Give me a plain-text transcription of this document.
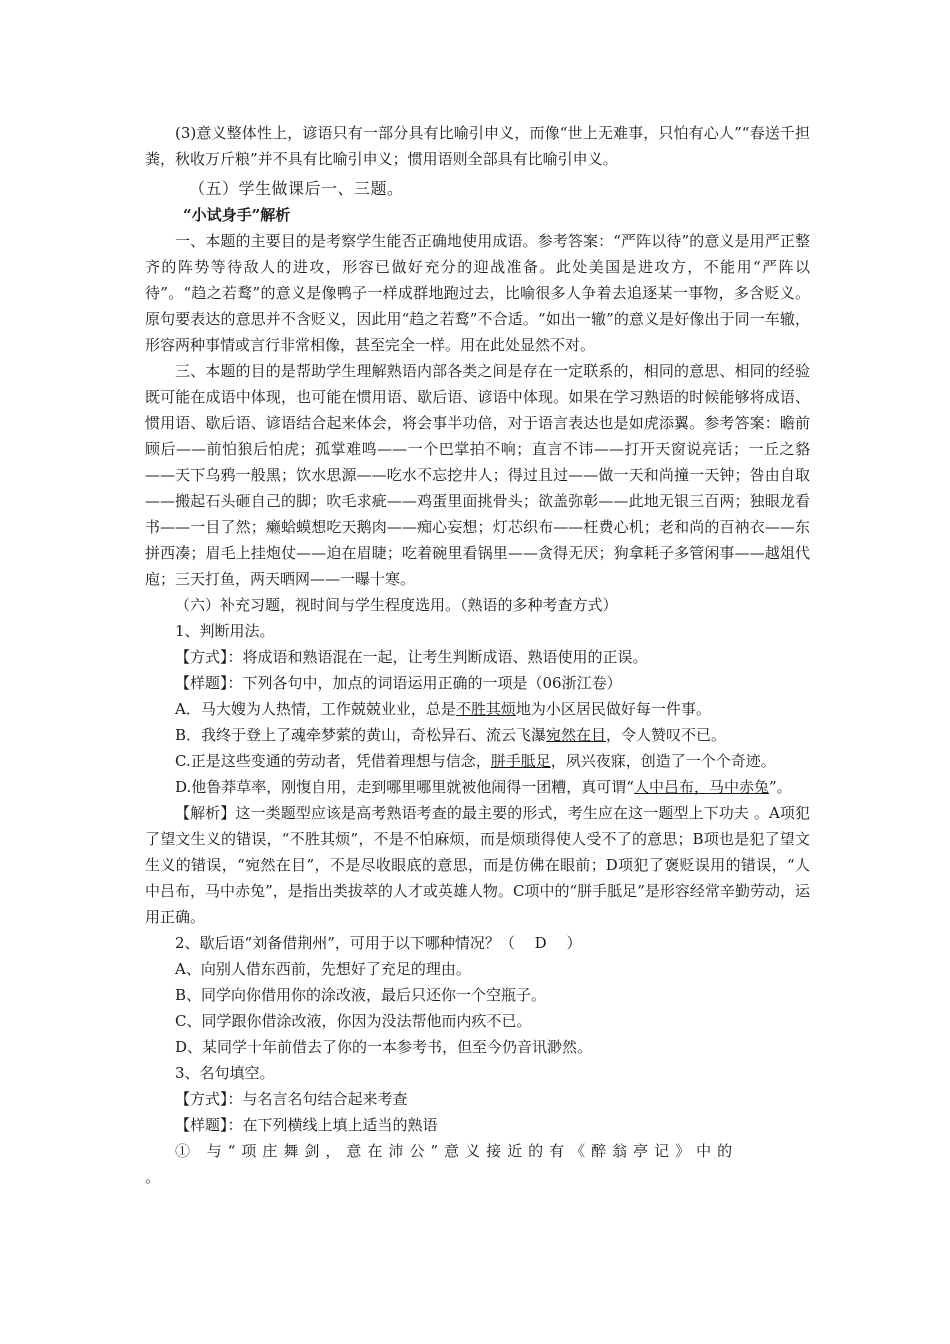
(3)意义整体性上，谚语只有一部分具有比喻引申义，而像“世上无难事，只怕有心人”“春送千担粪，秋收万斤粮”并不具有比喻引申义；惯用语则全部具有比喻引申义。

（五）学生做课后一、三题。

“小试身手”解析

一、本题的主要目的是考察学生能否正确地使用成语。参考答案：“严阵以待”的意义是用严正整齐的阵势等待敌人的进攻，形容已做好充分的迎战准备。此处美国是进攻方，不能用“严阵以待”。“趋之若鹜”的意义是像鸭子一样成群地跑过去，比喻很多人争着去追逐某一事物，多含贬义。原句要表达的意思并不含贬义，因此用“趋之若鹜”不合适。“如出一辙”的意义是好像出于同一车辙，形容两种事情或言行非常相像，甚至完全一样。用在此处显然不对。

三、本题的目的是帮助学生理解熟语内部各类之间是存在一定联系的，相同的意思、相同的经验既可能在成语中体现，也可能在惯用语、歇后语、谚语中体现。如果在学习熟语的时候能够将成语、惯用语、歇后语、谚语结合起来体会，将会事半功倍，对于语言表达也是如虎添翼。参考答案：瞻前顾后——前怕狼后怕虎；孤掌难鸣——一个巴掌拍不响；直言不讳——打开天窗说亮话；一丘之貉——天下乌鸦一般黑；饮水思源——吃水不忘挖井人；得过且过——做一天和尚撞一天钟；咎由自取——搬起石头砸自己的脚；吹毛求疵——鸡蛋里面挑骨头；欲盖弥彰——此地无银三百两；独眼龙看书——一目了然；癞蛤蟆想吃天鹅肉——痴心妄想；灯芯织布——枉费心机；老和尚的百衲衣——东拼西凑；眉毛上挂炮仗——迫在眉睫；吃着碗里看锅里——贪得无厌；狗拿耗子多管闲事——越俎代庖；三天打鱼，两天晒网——一曝十寒。

（六）补充习题，视时间与学生程度选用。（熟语的多种考查方式）

1、判断用法。

【方式】：将成语和熟语混在一起，让考生判断成语、熟语使用的正误。

【样题】：下列各句中，加点的词语运用正确的一项是（06浙江卷）

A．马大嫂为人热情，工作兢兢业业，总是不胜其烦地为小区居民做好每一件事。

B．我终于登上了魂牵梦萦的黄山，奇松异石、流云飞瀑宛然在目，令人赞叹不已。

C.正是这些变通的劳动者，凭借着理想与信念，胼手胝足，夙兴夜寐，创造了一个个奇迹。

D.他鲁莽草率，刚愎自用，走到哪里哪里就被他闹得一团糟，真可谓“人中吕布，马中赤兔”。

【解析】这一类题型应该是高考熟语考查的最主要的形式，考生应在这一题型上下功夫 。A项犯了望文生义的错误，“不胜其烦”，不是不怕麻烦，而是烦琐得使人受不了的意思；B项也是犯了望文生义的错误，“宛然在目”，不是尽收眼底的意思，而是仿佛在眼前；D项犯了褒贬误用的错误，“人中吕布，马中赤兔”，是指出类拔萃的人才或英雄人物。C项中的“胼手胝足”是形容经常辛勤劳动，运用正确。

2、歇后语“刘备借荆州”，可用于以下哪种情况？（　 D　 ）

A、向别人借东西前，先想好了充足的理由。

B、同学向你借用你的涂改液，最后只还你一个空瓶子。

C、同学跟你借涂改液，你因为没法帮他而内疚不已。

D、某同学十年前借去了你的一本参考书，但至今仍音讯渺然。

3、名句填空。

【方式】：与名言名句结合起来考查

【样题】：在下列横线上填上适当的熟语

① 与“项庄舞剑，意在沛公”意义接近的有《醉翁亭记》中的

。
